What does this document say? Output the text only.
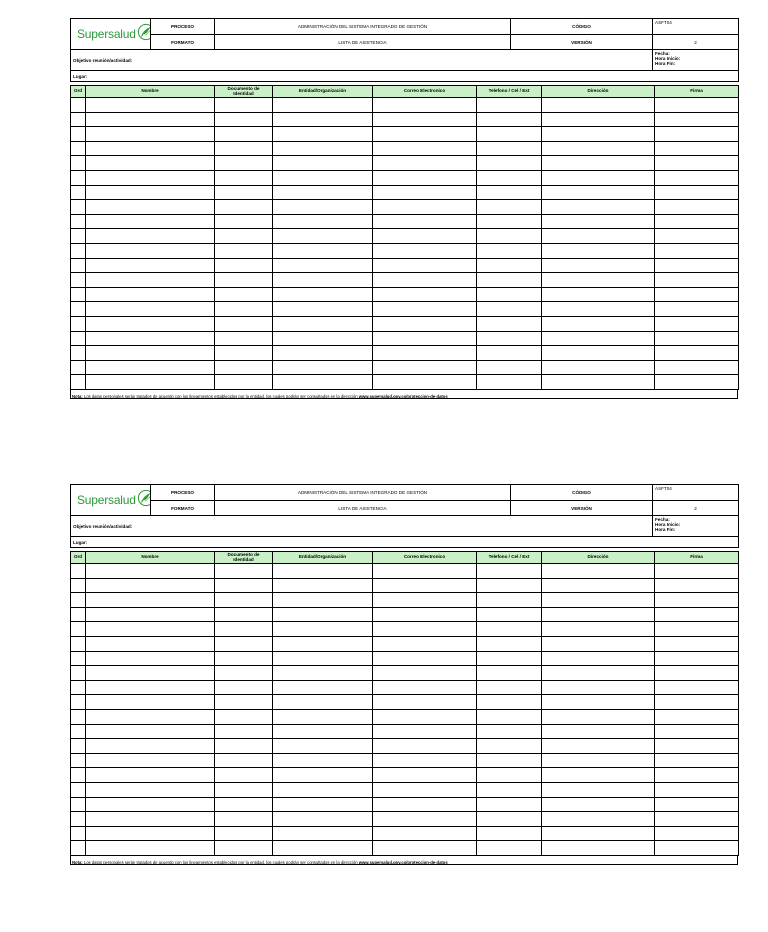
Supersalud	PROCESO	ADMINISTRACIÓN DEL SISTEMA INTEGRADO DE GESTIÓN	CÓDIGO	ASFT04
	FORMATO	LISTA DE ASISTENCIA	VERSIÓN	2
Objetivo reunión/actividad:	
Fecha:
Hora Inicio:
Hora Fin:

Lugar:
Ord	Nombre	Documento de Identidad	Entidad/Organización	Correo Electronico	Telefono / Cel / Ext	Dirección	Firma

Nota: Los datos personales serán tratados de acuerdo con los lineamientos establecidos por la entidad, los cuales podrán ser consultados en la dirección www.supersalud.gov.co/proteccion-de-datos
Supersalud	PROCESO	ADMINISTRACIÓN DEL SISTEMA INTEGRADO DE GESTIÓN	CÓDIGO	ASFT04
	FORMATO	LISTA DE ASISTENCIA	VERSIÓN	2
Objetivo reunión/actividad:	
Fecha:
Hora Inicio:
Hora Fin:

Lugar:
Ord	Nombre	Documento de Identidad	Entidad/Organización	Correo Electronico	Telefono / Cel / Ext	Dirección	Firma

Nota: Los datos personales serán tratados de acuerdo con los lineamientos establecidos por la entidad, los cuales podrán ser consultados en la dirección www.supersalud.gov.co/proteccion-de-datos
